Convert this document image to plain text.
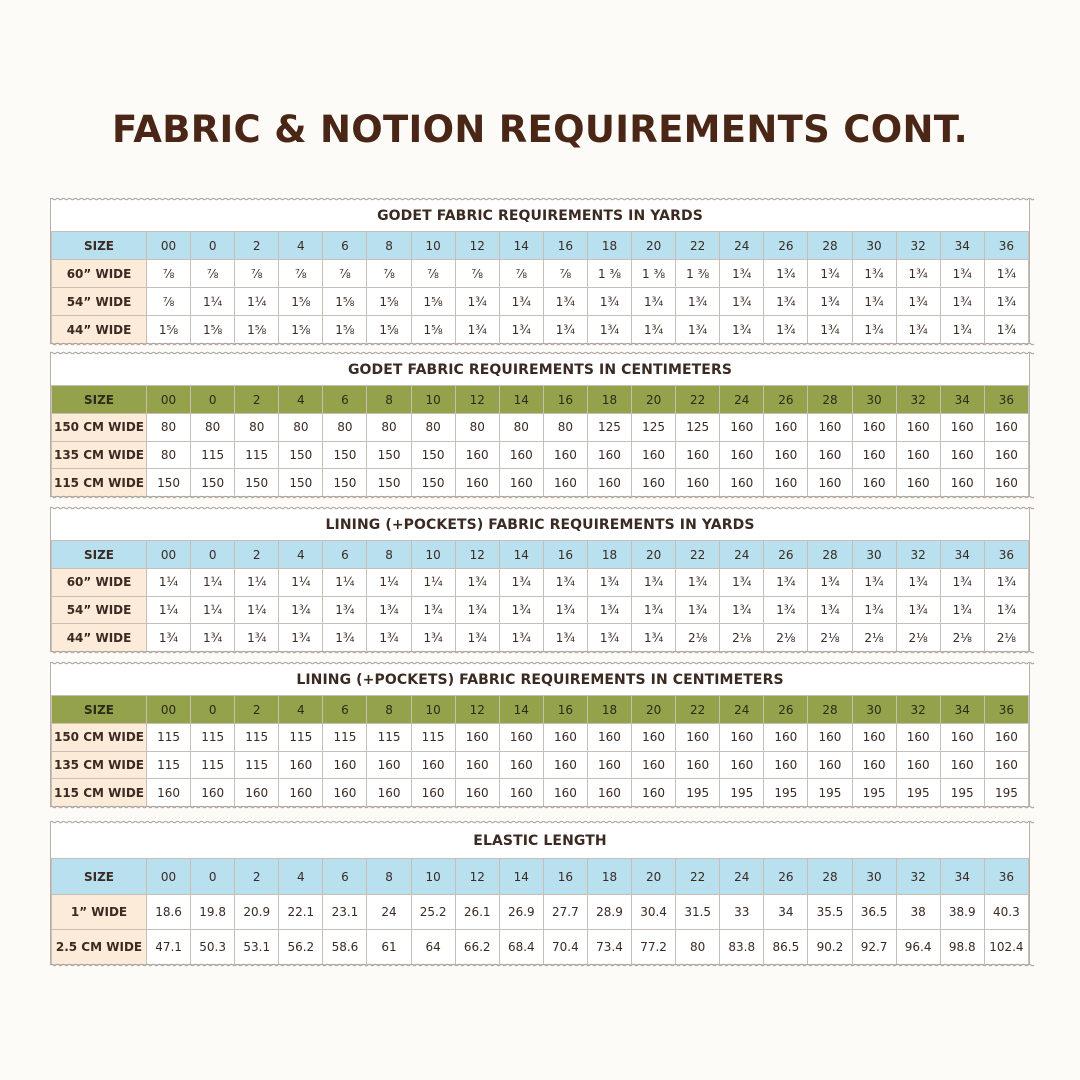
FABRIC & NOTION REQUIREMENTS CONT.
GODET FABRIC REQUIREMENTS IN YARDS
SIZE	00	0	2	4	6	8	10	12	14	16	18	20	22	24	26	28	30	32	34	36
60” WIDE	⅞	⅞	⅞	⅞	⅞	⅞	⅞	⅞	⅞	⅞	1 ⅜	1 ⅜	1 ⅜	1¾	1¾	1¾	1¾	1¾	1¾	1¾
54” WIDE	⅞	1¼	1¼	1⅝	1⅝	1⅝	1⅝	1¾	1¾	1¾	1¾	1¾	1¾	1¾	1¾	1¾	1¾	1¾	1¾	1¾
44” WIDE	1⅝	1⅝	1⅝	1⅝	1⅝	1⅝	1⅝	1¾	1¾	1¾	1¾	1¾	1¾	1¾	1¾	1¾	1¾	1¾	1¾	1¾
GODET FABRIC REQUIREMENTS IN CENTIMETERS
SIZE	00	0	2	4	6	8	10	12	14	16	18	20	22	24	26	28	30	32	34	36
150 CM WIDE	80	80	80	80	80	80	80	80	80	80	125	125	125	160	160	160	160	160	160	160
135 CM WIDE	80	115	115	150	150	150	150	160	160	160	160	160	160	160	160	160	160	160	160	160
115 CM WIDE	150	150	150	150	150	150	150	160	160	160	160	160	160	160	160	160	160	160	160	160
LINING (+POCKETS) FABRIC REQUIREMENTS IN YARDS
SIZE	00	0	2	4	6	8	10	12	14	16	18	20	22	24	26	28	30	32	34	36
60” WIDE	1¼	1¼	1¼	1¼	1¼	1¼	1¼	1¾	1¾	1¾	1¾	1¾	1¾	1¾	1¾	1¾	1¾	1¾	1¾	1¾
54” WIDE	1¼	1¼	1¼	1¾	1¾	1¾	1¾	1¾	1¾	1¾	1¾	1¾	1¾	1¾	1¾	1¾	1¾	1¾	1¾	1¾
44” WIDE	1¾	1¾	1¾	1¾	1¾	1¾	1¾	1¾	1¾	1¾	1¾	1¾	2⅛	2⅛	2⅛	2⅛	2⅛	2⅛	2⅛	2⅛
LINING (+POCKETS) FABRIC REQUIREMENTS IN CENTIMETERS
SIZE	00	0	2	4	6	8	10	12	14	16	18	20	22	24	26	28	30	32	34	36
150 CM WIDE	115	115	115	115	115	115	115	160	160	160	160	160	160	160	160	160	160	160	160	160
135 CM WIDE	115	115	115	160	160	160	160	160	160	160	160	160	160	160	160	160	160	160	160	160
115 CM WIDE	160	160	160	160	160	160	160	160	160	160	160	160	195	195	195	195	195	195	195	195
ELASTIC LENGTH
SIZE	00	0	2	4	6	8	10	12	14	16	18	20	22	24	26	28	30	32	34	36
1” WIDE	18.6	19.8	20.9	22.1	23.1	24	25.2	26.1	26.9	27.7	28.9	30.4	31.5	33	34	35.5	36.5	38	38.9	40.3
2.5 CM WIDE	47.1	50.3	53.1	56.2	58.6	61	64	66.2	68.4	70.4	73.4	77.2	80	83.8	86.5	90.2	92.7	96.4	98.8	102.4
